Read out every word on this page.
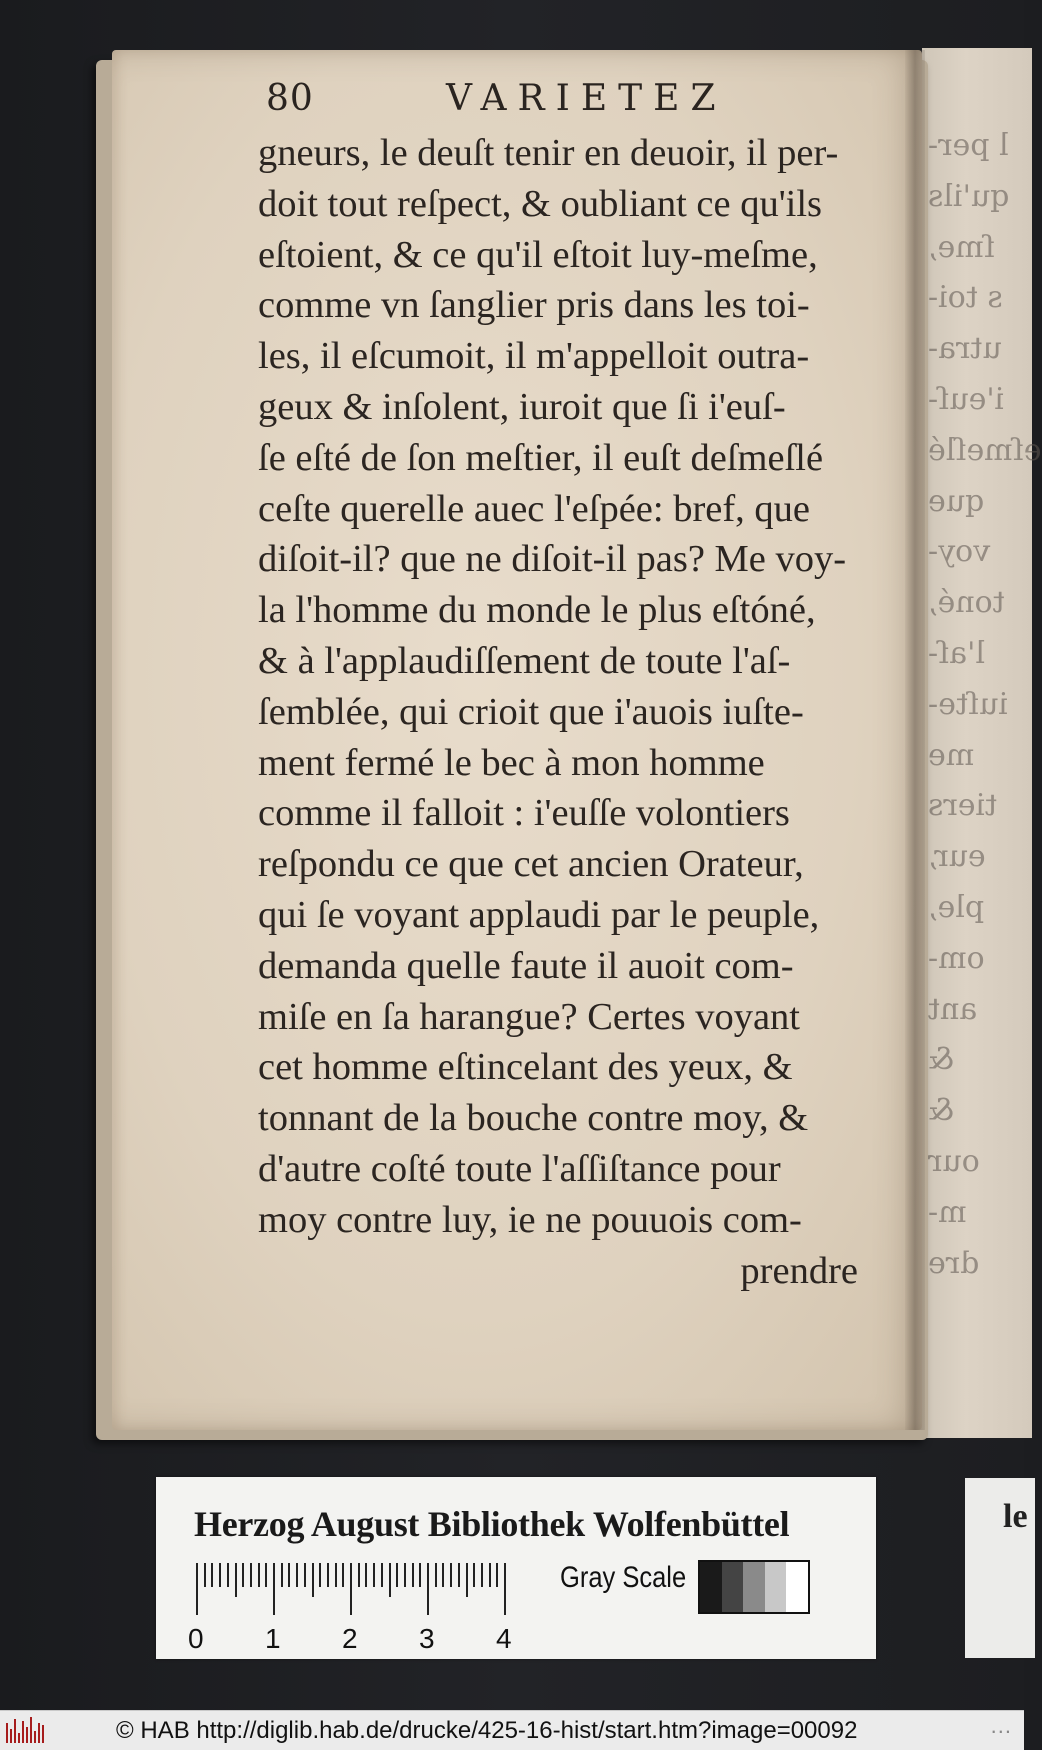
l per-
qu'ils
ſme,
s toi-
utra-
i'euſ-
eſmeſlé
que
voy-
toné,
l'aſ-
iuſte-
me
tiers
eur,
ple,
om-
ant
&
&
our
m-
dre
80	VARIETEZ
gneurs, le deuſt tenir en deuoir, il per-
doit tout reſpect, & oubliant ce qu'ils
eſtoient, & ce qu'il eſtoit luy-meſme,
comme vn ſanglier pris dans les toi-
les, il eſcumoit, il m'appelloit outra-
geux & inſolent, iuroit que ſi i'euſ-
ſe eſté de ſon meſtier, il euſt deſmeſlé
ceſte querelle auec l'eſpée: bref, que
diſoit-il? que ne diſoit-il pas? Me voy-
la l'homme du monde le plus eſtóné,
& à l'applaudiſſement de toute l'aſ-
ſemblée, qui crioit que i'auois iuſte-
ment fermé le bec à mon homme
comme il falloit : i'euſſe volontiers
reſpondu ce que cet ancien Orateur,
qui ſe voyant applaudi par le peuple,
demanda quelle faute il auoit com-
miſe en ſa harangue? Certes voyant
cet homme eſtincelant des yeux, &
tonnant de la bouche contre moy, &
d'autre coſté toute l'aſſiſtance pour
moy contre luy, ie ne pouuois com-
prendre
Herzog August Bibliothek Wolfenbüttel
0 1 2 3 4
Gray Scale
le
© HAB http://diglib.hab.de/drucke/425-16-hist/start.htm?image=00092	...
